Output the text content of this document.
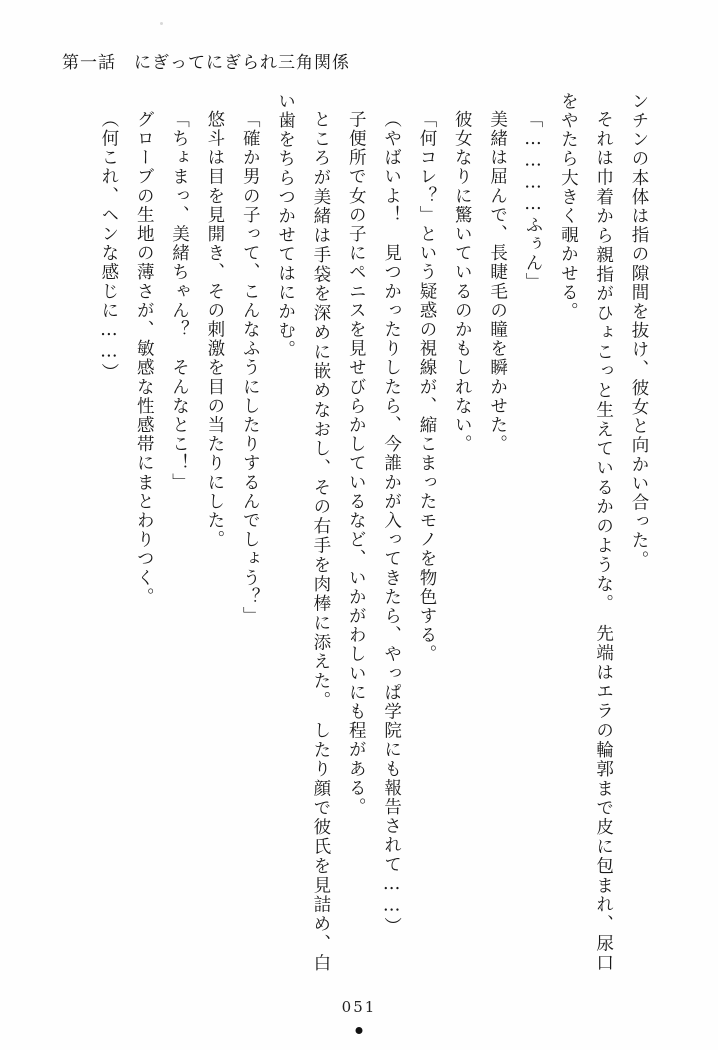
第一話 にぎってにぎられ三角関係

ンチンの本体は指の隙間を抜け、彼女と向かい合った。

それは巾着から親指がひょこっと生えているかのような。　先端はエラの輪郭まで皮に包まれ、尿口をやたら大きく覗かせる。

「…………ふぅん」

美緒は屈んで、長睫毛の瞳を瞬かせた。

彼女なりに驚いているのかもしれない。

「何コレ？」という疑惑の視線が、縮こまったモノを物色する。

（やばいよ！　見つかったりしたら、今誰かが入ってきたら、やっぱ学院にも報告されて……）

子便所で女の子にペニスを見せびらかしているなど、いかがわしいにも程がある。

ところが美緒は手袋を深めに嵌めなおし、その右手を肉棒に添えた。　したり顔で彼氏を見詰め、白い歯をちらつかせてはにかむ。

「確か男の子って、こんなふうにしたりするんでしょう？」

悠斗は目を見開き、その刺激を目の当たりにした。

「ちょまっ、美緒ちゃん？　そんなとこ！」

グローブの生地の薄さが、敏感な性感帯にまとわりつく。

（何これ、ヘンな感じに……）

051
